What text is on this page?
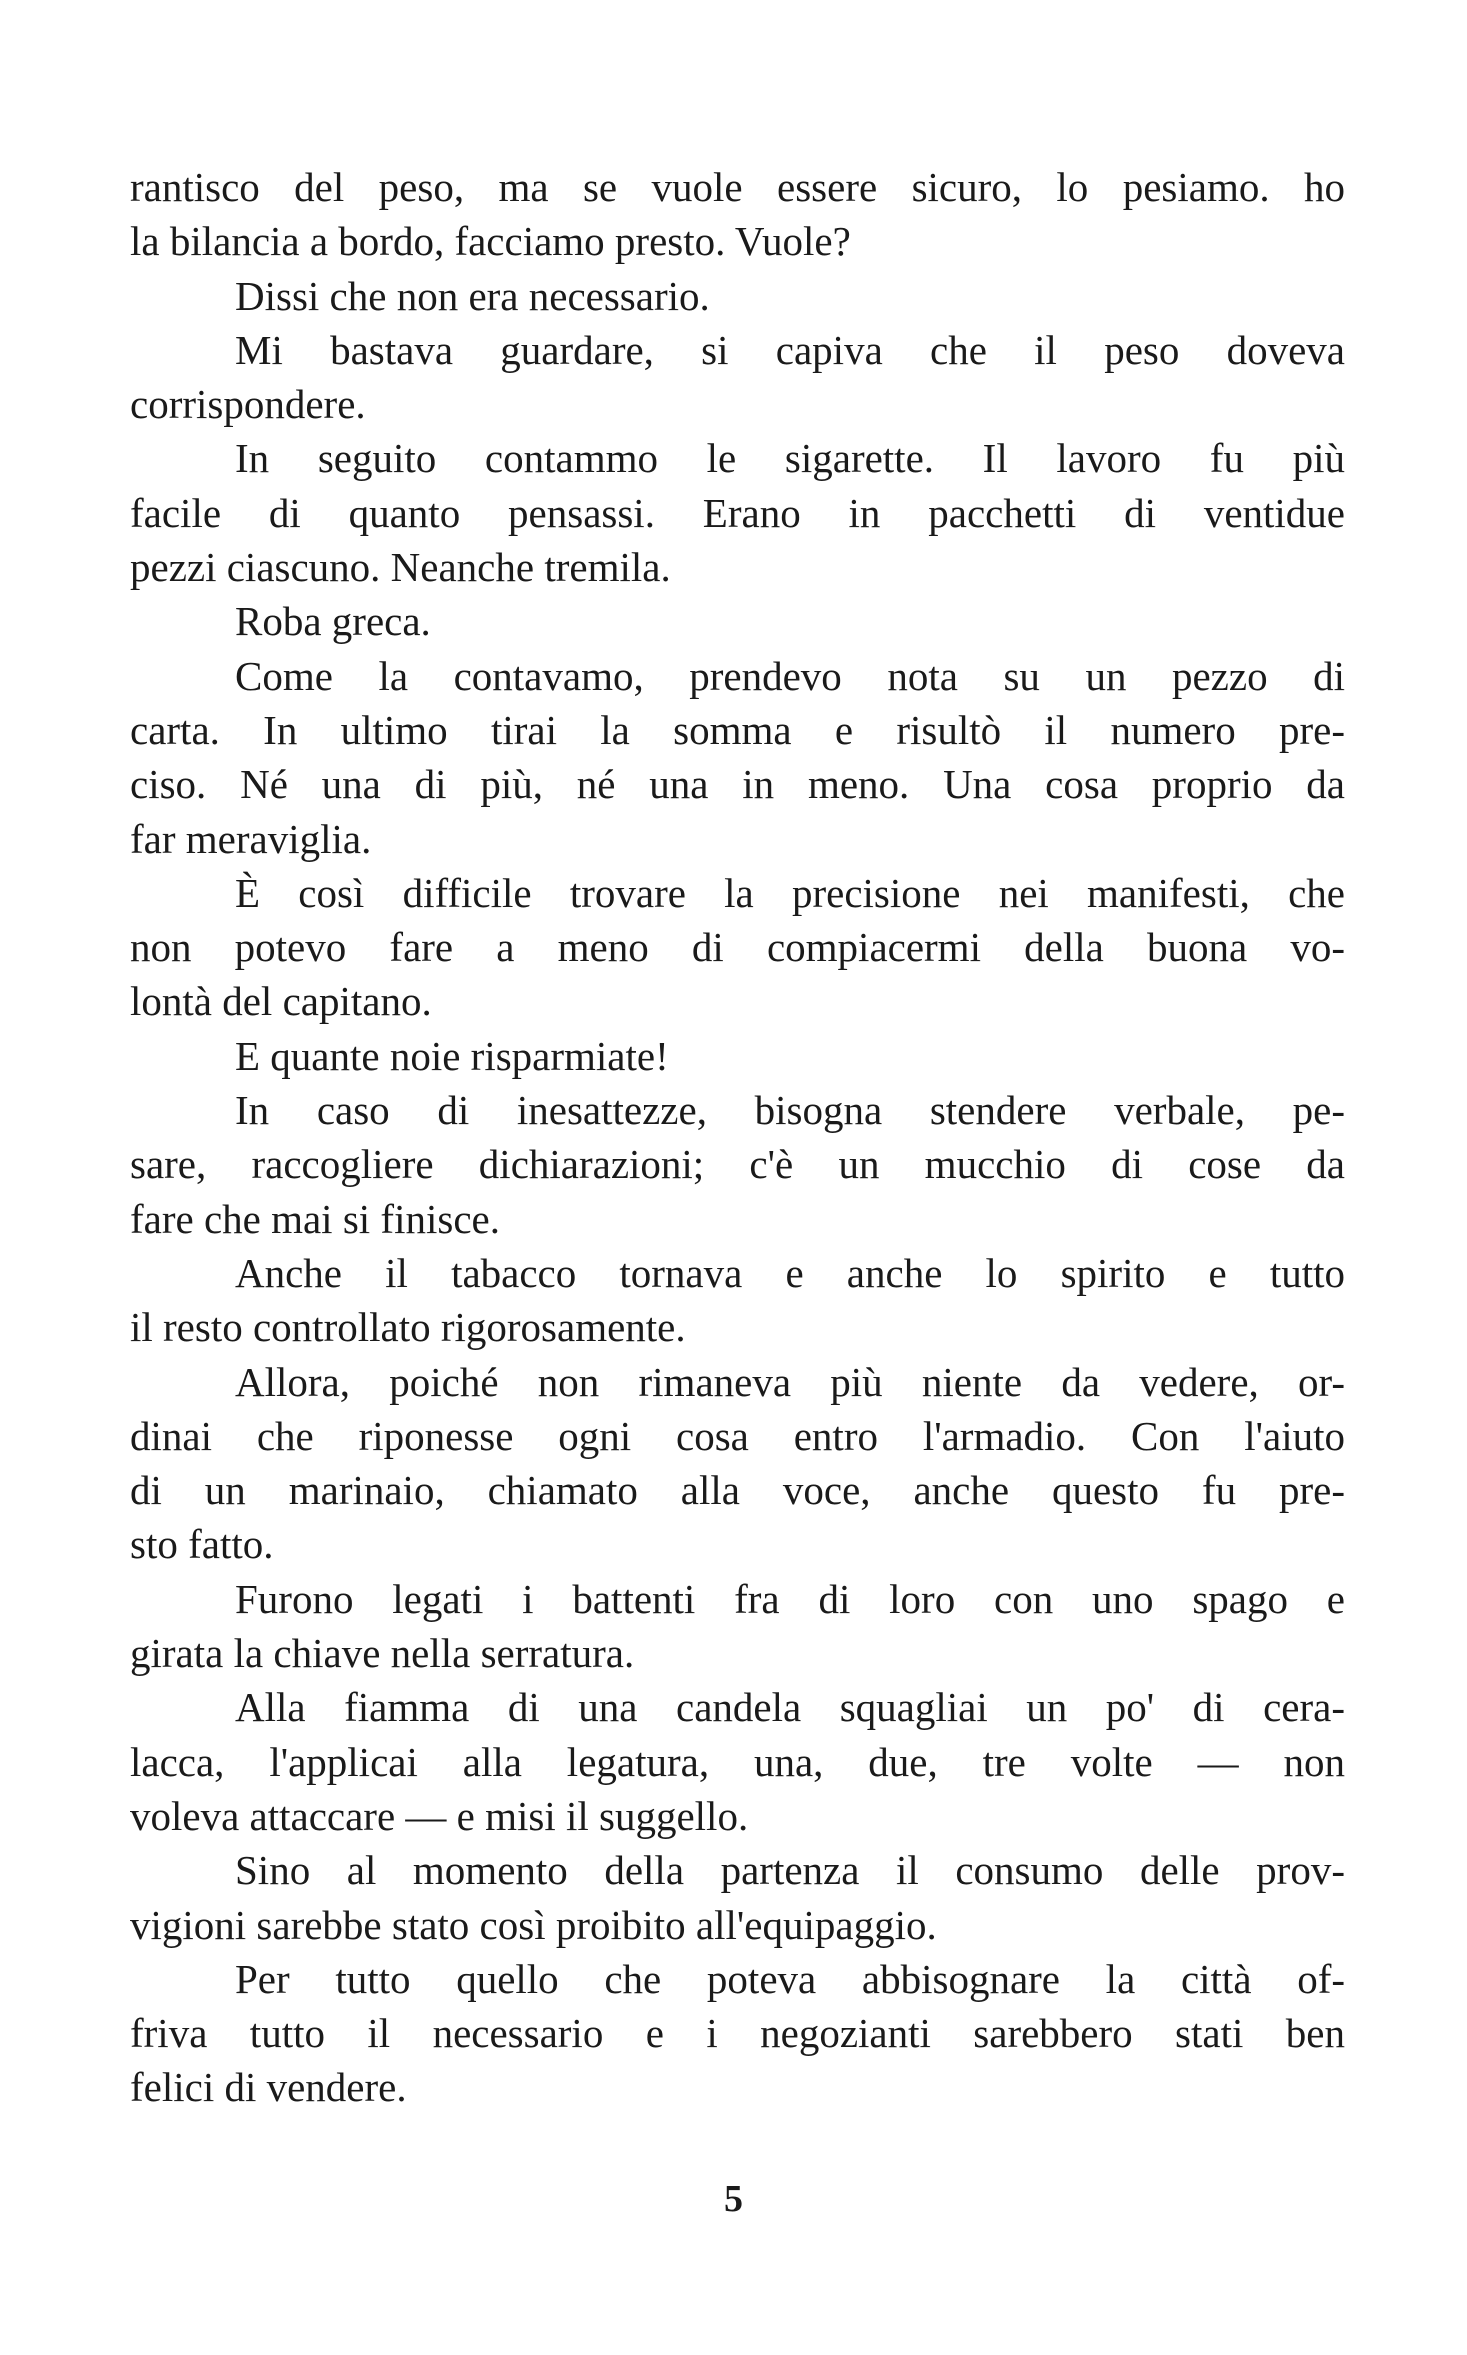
rantisco del peso, ma se vuole essere sicuro, lo pesiamo. ho
la bilancia a bordo, facciamo presto. Vuole?
Dissi che non era necessario.
Mi bastava guardare, si capiva che il peso doveva
corrispondere.
In seguito contammo le sigarette. Il lavoro fu più
facile di quanto pensassi. Erano in pacchetti di ventidue
pezzi ciascuno. Neanche tremila.
Roba greca.
Come la contavamo, prendevo nota su un pezzo di
carta. In ultimo tirai la somma e risultò il numero pre-
ciso. Né una di più, né una in meno. Una cosa proprio da
far meraviglia.
È così difficile trovare la precisione nei manifesti, che
non potevo fare a meno di compiacermi della buona vo-
lontà del capitano.
E quante noie risparmiate!
In caso di inesattezze, bisogna stendere verbale, pe-
sare, raccogliere dichiarazioni; c'è un mucchio di cose da
fare che mai si finisce.
Anche il tabacco tornava e anche lo spirito e tutto
il resto controllato rigorosamente.
Allora, poiché non rimaneva più niente da vedere, or-
dinai che riponesse ogni cosa entro l'armadio. Con l'aiuto
di un marinaio, chiamato alla voce, anche questo fu pre-
sto fatto.
Furono legati i battenti fra di loro con uno spago e
girata la chiave nella serratura.
Alla fiamma di una candela squagliai un po' di cera-
lacca, l'applicai alla legatura, una, due, tre volte — non
voleva attaccare — e misi il suggello.
Sino al momento della partenza il consumo delle prov-
vigioni sarebbe stato così proibito all'equipaggio.
Per tutto quello che poteva abbisognare la città of-
friva tutto il necessario e i negozianti sarebbero stati ben
felici di vendere.
5
